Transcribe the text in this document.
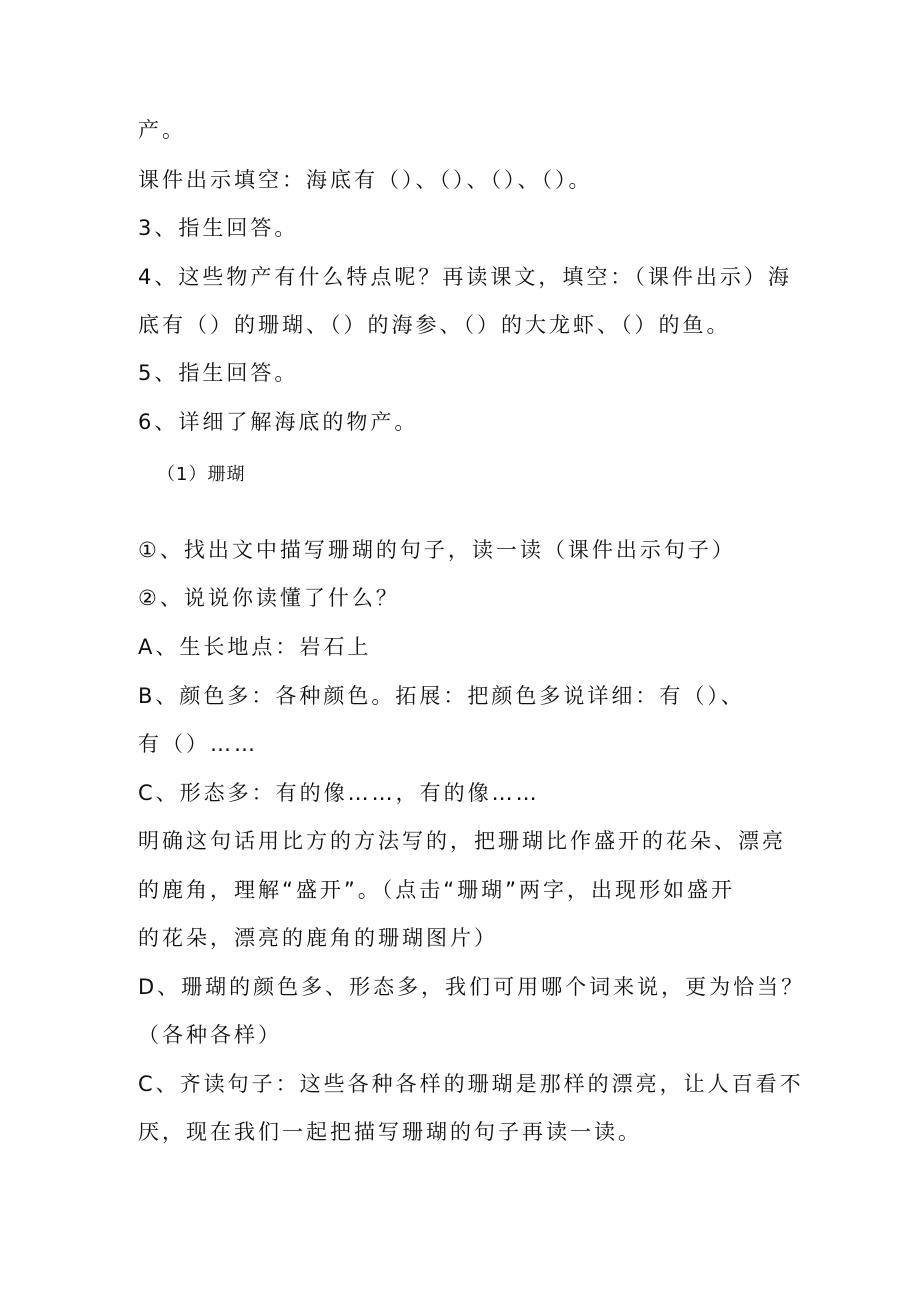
产。
课件出示填空：海底有（）、（）、（）、（）。
3、指生回答。
4、这些物产有什么特点呢？再读课文，填空：（课件出示）海
底有（）的珊瑚、（）的海参、（）的大龙虾、（）的鱼。
5、指生回答。
6、详细了解海底的物产。
（1）珊瑚
①、找出文中描写珊瑚的句子，读一读（课件出示句子）
②、说说你读懂了什么？
A、生长地点：岩石上
B、颜色多：各种颜色。拓展：把颜色多说详细：有（）、
有（）……
C、形态多：有的像……，有的像……
明确这句话用比方的方法写的，把珊瑚比作盛开的花朵、漂亮
的鹿角，理解“盛开”。（点击“珊瑚”两字，出现形如盛开
的花朵，漂亮的鹿角的珊瑚图片）
D、珊瑚的颜色多、形态多，我们可用哪个词来说，更为恰当？
（各种各样）
C、齐读句子：这些各种各样的珊瑚是那样的漂亮，让人百看不
厌，现在我们一起把描写珊瑚的句子再读一读。
